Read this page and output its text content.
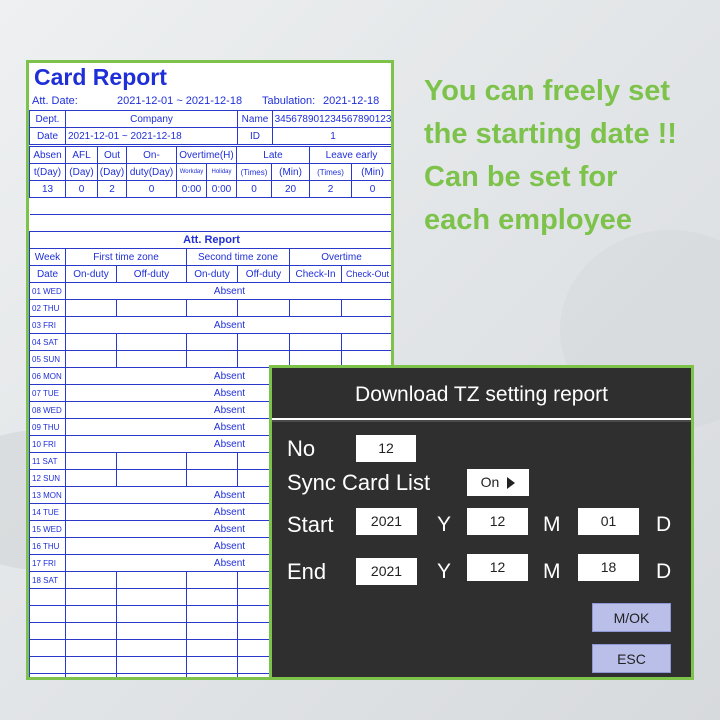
Card Report
Att. Date:	2021-12-01 ~ 2021-12-18 Tabulation: 2021-12-18
Dept.	Company	Name	345678901234567890123
Date	2021-12-01 ~ 2021-12-18	ID	1
Absen	AFL	Out	On-	Overtime(H)		Late		Leave early	
t(Day)	(Day)	(Day)	duty(Day)	Workday	Holiday	(Times)	(Min)	(Times)	(Min)
13	0	2	0	0:00	0:00	0	20	2	0

Att. Report						
Week	First time zone		Second time zone		Overtime	
Date	On-duty	Off-duty	On-duty	Off-duty	Check-In	Check-Out
01 WED	Absent					
02 THU						
03 FRI	Absent					
04 SAT						
05 SUN						
06 MON	Absent					
07 TUE	Absent					
08 WED	Absent					
09 THU	Absent					
10 FRI	Absent					
11 SAT						
12 SUN						
13 MON	Absent					
14 TUE	Absent					
15 WED	Absent					
16 THU	Absent					
17 FRI	Absent					
18 SAT						

You can freely set
the starting date !!
Can be set for
each employee
Download TZ setting report
No	12
Sync Card List	On
Start	2021	Y	12	M	01	D
End	2021	Y	12	M	18	D
M/OK
ESC
